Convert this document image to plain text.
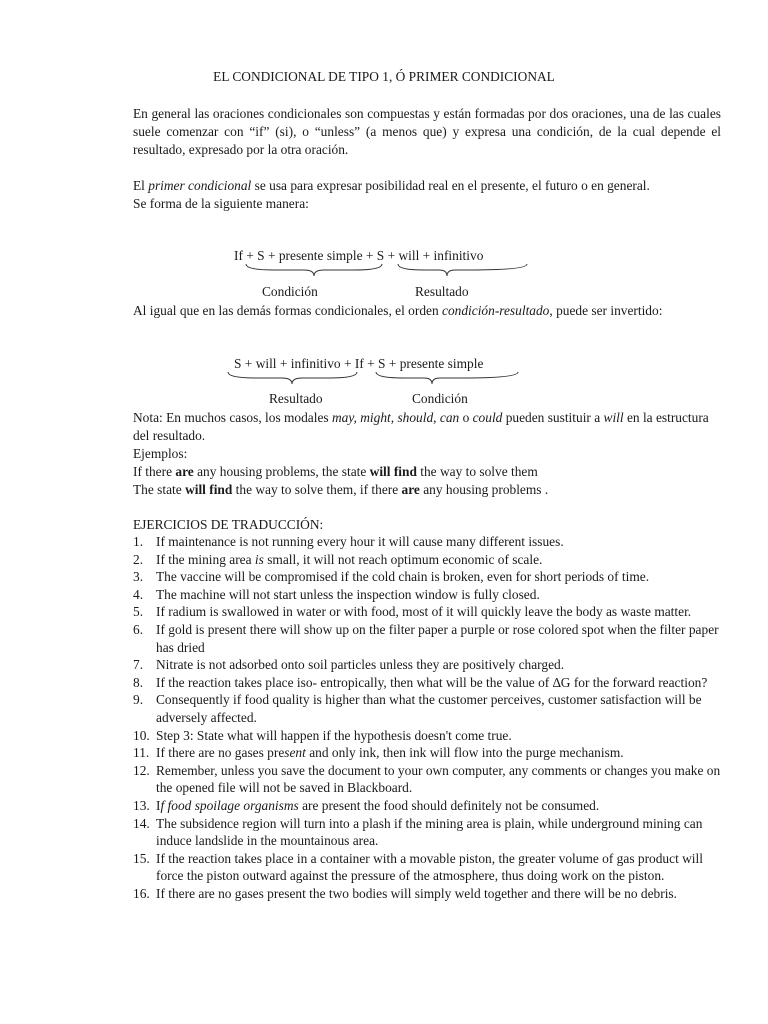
EL CONDICIONAL DE TIPO 1, Ó PRIMER CONDICIONAL
En general las oraciones condicionales son compuestas y están formadas por dos oraciones, una de las cuales suele comenzar con “if” (si), o “unless” (a menos que) y expresa una condición, de la cual depende el resultado, expresado por la otra oración.
El primer condicional se usa para expresar posibilidad real en el presente, el futuro o en general.
Se forma de la siguiente manera:
If + S + presente simple + S + will + infinitivo
Condición	Resultado
Al igual que en las demás formas condicionales, el orden condición-resultado, puede ser invertido:
S + will + infinitivo + If + S + presente simple
Resultado	Condición
Nota: En muchos casos, los modales may, might, should, can o could pueden sustituir a will en la estructura del resultado.
Ejemplos:
If there are any housing problems, the state will find the way to solve them
The state will find the way to solve them, if there are any housing problems .
EJERCICIOS DE TRADUCCIÓN:
1. If maintenance is not running every hour it will cause many different issues.
2. If the mining area is small, it will not reach optimum economic of scale.
3. The vaccine will be compromised if the cold chain is broken, even for short periods of time.
4. The machine will not start unless the inspection window is fully closed.
5. If radium is swallowed in water or with food, most of it will quickly leave the body as waste matter.
6. If gold is present there will show up on the filter paper a purple or rose colored spot when the filter paper has dried
7. Nitrate is not adsorbed onto soil particles unless they are positively charged.
8. If the reaction takes place iso- entropically, then what will be the value of ∆G for the forward reaction?
9. Consequently if food quality is higher than what the customer perceives, customer satisfaction will be adversely affected.
10. Step 3: State what will happen if the hypothesis doesn't come true.
11. If there are no gases present and only ink, then ink will flow into the purge mechanism.
12. Remember, unless you save the document to your own computer, any comments or changes you make on the opened file will not be saved in Blackboard.
13. If food spoilage organisms are present the food should definitely not be consumed.
14. The subsidence region will turn into a plash if the mining area is plain, while underground mining can induce landslide in the mountainous area.
15. If the reaction takes place in a container with a movable piston, the greater volume of gas product will force the piston outward against the pressure of the atmosphere, thus doing work on the piston.
16. If there are no gases present the two bodies will simply weld together and there will be no debris.
